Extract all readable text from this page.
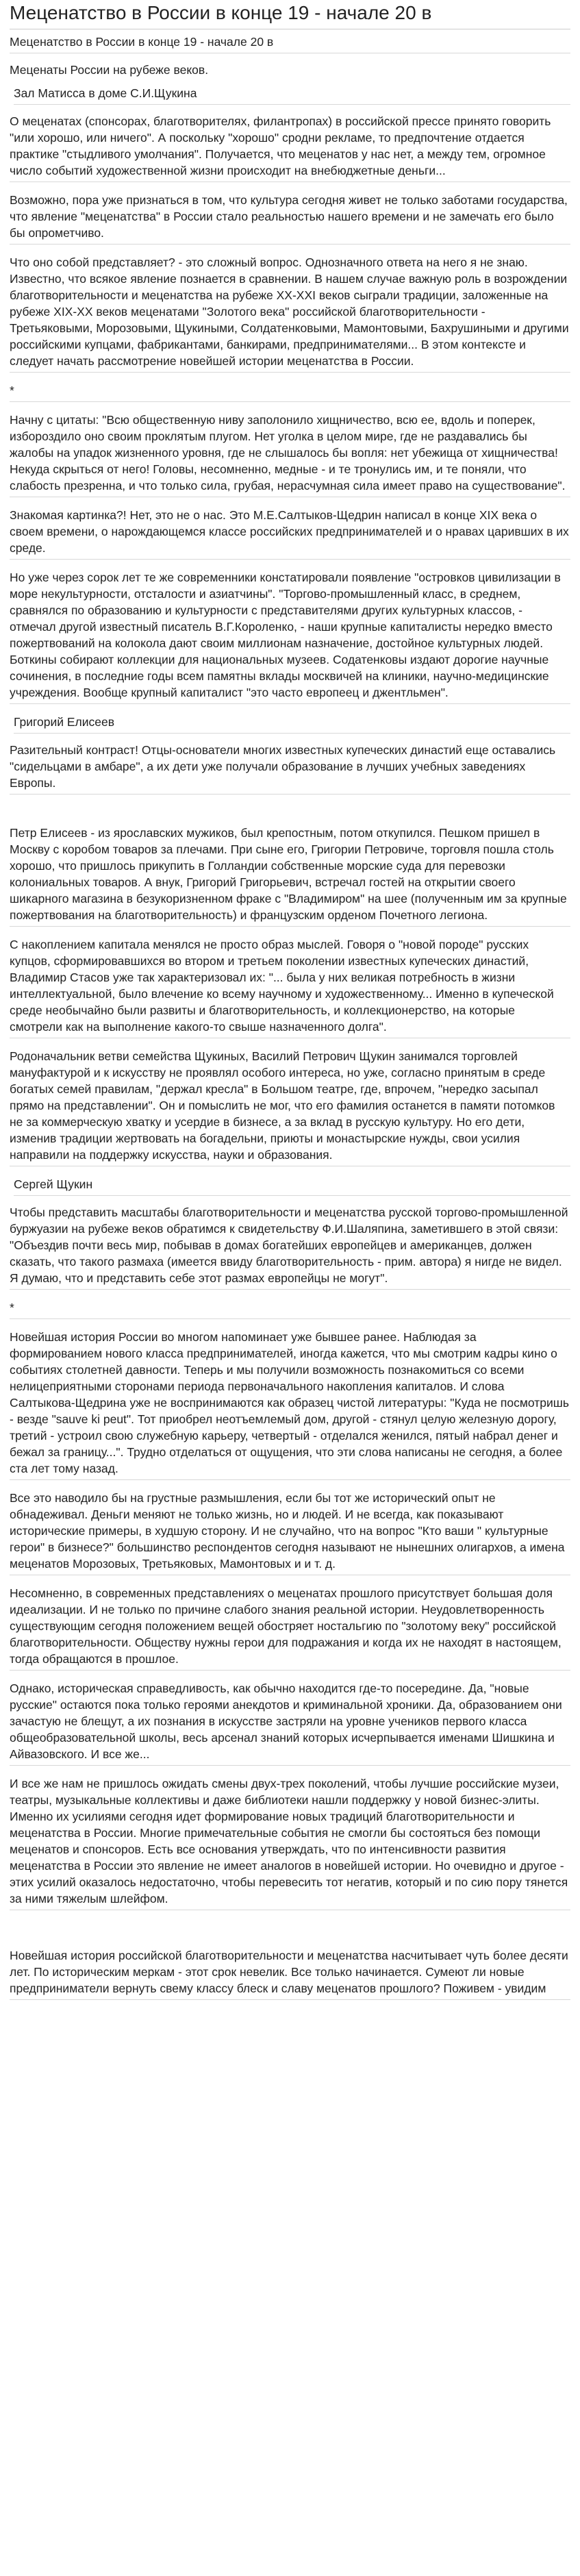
Меценатство в России в конце 19 - начале 20 в
Меценатство в России в конце 19 - начале 20 в
Меценаты России на рубеже веков.
Зал Матисса в доме С.И.Щукина

О меценатах (спонсорах, благотворителях, филантропах) в российской прессе принято говорить "или хорошо, или ничего". А поскольку "хорошо" сродни рекламе, то предпочтение отдается практике "стыдливого умолчания". Получается, что меценатов у нас нет, а между тем, огромное число событий художественной жизни происходит на внебюджетные деньги...

Возможно, пора уже признаться в том, что культура сегодня живет не только заботами государства, что явление "меценатства" в России стало реальностью нашего времени и не замечать его было бы опрометчиво.

Что оно собой представляет? - это сложный вопрос. Однозначного ответа на него я не знаю. Известно, что всякое явление познается в сравнении. В нашем случае важную роль в возрождении благотворительности и меценатства на рубеже XX-XXI веков сыграли традиции, заложенные на рубеже XIX-XX веков меценатами "Золотого века" российской благотворительности - Третьяковыми, Морозовыми, Щукиными, Солдатенковыми, Мамонтовыми, Бахрушиными и другими российскими купцами, фабрикантами, банкирами, предпринимателями... В этом контексте и следует начать рассмотрение новейшей истории меценатства в России.

*

Начну с цитаты: "Всю общественную ниву заполонило хищничество, всю ее, вдоль и поперек, избороздило оно своим проклятым плугом. Нет уголка в целом мире, где не раздавались бы жалобы на упадок жизненного уровня, где не слышалось бы вопля: нет убежища от хищничества! Некуда скрыться от него! Головы, несомненно, медные - и те тронулись им, и те поняли, что слабость презренна, и что только сила, грубая, нерасчумная сила имеет право на существование".

Знакомая картинка?! Нет, это не о нас. Это М.Е.Салтыков-Щедрин написал в конце XIX века о своем времени, о нарождающемся классе российских предпринимателей и о нравах царивших в их среде.

Но уже через сорок лет те же современники констатировали появление "островков цивилизации в море некультурности, отсталости и азиатчины". "Торгово-промышленный класс, в среднем, сравнялся по образованию и культурности с представителями других культурных классов, - отмечал другой известный писатель В.Г.Короленко, - наши крупные капиталисты нередко вместо пожертвований на колокола дают своим миллионам назначение, достойное культурных людей. Боткины собирают коллекции для национальных музеев. Содатенковы издают дорогие научные сочинения, в последние годы всем памятны вклады москвичей на клиники, научно-медицинские учреждения. Вообще крупный капиталист "это часто европеец и джентльмен".

Григорий Елисеев

Разительный контраст! Отцы-основатели многих известных купеческих династий еще оставались "сидельцами в амбаре", а их дети уже получали образование в лучших учебных заведениях Европы.

Петр Елисеев - из ярославских мужиков, был крепостным, потом откупился. Пешком пришел в Москву с коробом товаров за плечами. При сыне его, Григории Петровиче, торговля пошла столь хорошо, что пришлось прикупить в Голландии собственные морские суда для перевозки колониальных товаров. А внук, Григорий Григорьевич, встречал гостей на открытии своего шикарного магазина в безукоризненном фраке с "Владимиром" на шее (полученным им за крупные пожертвования на благотворительность) и французским орденом Почетного легиона.

С накоплением капитала менялся не просто образ мыслей. Говоря о "новой породе" русских купцов, сформировавшихся во втором и третьем поколении известных купеческих династий, Владимир Стасов уже так характеризовал их: "... была у них великая потребность в жизни интеллектуальной, было влечение ко всему научному и художественному... Именно в купеческой среде необычайно были развиты и благотворительность, и коллекционерство, на которые смотрели как на выполнение какого-то свыше назначенного долга".

Родоначальник ветви семейства Щукиных, Василий Петрович Щукин занимался торговлей мануфактурой и к искусству не проявлял особого интереса, но уже, согласно принятым в среде богатых семей правилам, "держал кресла" в Большом театре, где, впрочем, "нередко засыпал прямо на представлении". Он и помыслить не мог, что его фамилия останется в памяти потомков не за коммерческую хватку и усердие в бизнесе, а за вклад в русскую культуру. Но его дети, изменив традиции жертвовать на богадельни, приюты и монастырские нужды, свои усилия направили на поддержку искусства, науки и образования.

Сергей Щукин

Чтобы представить масштабы благотворительности и меценатства русской торгово-промышленной буржуазии на рубеже веков обратимся к свидетельству Ф.И.Шаляпина, заметившего в этой связи: "Объездив почти весь мир, побывав в домах богатейших европейцев и американцев, должен сказать, что такого размаха (имеется ввиду благотворительность - прим. автора) я нигде не видел. Я думаю, что и представить себе этот размах европейцы не могут".

*

Новейшая история России во многом напоминает уже бывшее ранее. Наблюдая за формированием нового класса предпринимателей, иногда кажется, что мы смотрим кадры кино о событиях столетней давности. Теперь и мы получили возможность познакомиться со всеми нелицеприятными сторонами периода первоначального накопления капиталов. И слова Салтыкова-Щедрина уже не воспринимаются как образец чистой литературы: "Куда не посмотришь - везде "sauve ki peut". Тот приобрел неотъемлемый дом, другой - стянул целую железную дорогу, третий - устроил свою служебную карьеру, четвертый - отделался женился, пятый набрал денег и бежал за границу...". Трудно отделаться от ощущения, что эти слова написаны не сегодня, а более ста лет тому назад.

Все это наводило бы на грустные размышления, если бы тот же исторический опыт не обнадеживал. Деньги меняют не только жизнь, но и людей. И не всегда, как показывают исторические примеры, в худшую сторону. И не случайно, что на вопрос "Кто ваши " культурные герои" в бизнесе?" большинство респондентов сегодня называют не нынешних олигархов, а имена меценатов Морозовых, Третьяковых, Мамонтовых и и т. д.

Несомненно, в современных представлениях о меценатах прошлого присутствует большая доля идеализации. И не только по причине слабого знания реальной истории. Неудовлетворенность существующим сегодня положением вещей обостряет ностальгию по "золотому веку" российской благотворительности. Обществу нужны герои для подражания и когда их не находят в настоящем, тогда обращаются в прошлое.

Однако, историческая справедливость, как обычно находится где-то посередине. Да, "новые русские" остаются пока только героями анекдотов и криминальной хроники. Да, образованием они зачастую не блещут, а их познания в искусстве застряли на уровне учеников первого класса общеобразовательной школы, весь арсенал знаний которых исчерпывается именами Шишкина и Айвазовского. И все же...

И все же нам не пришлось ожидать смены двух-трех поколений, чтобы лучшие российские музеи, театры, музыкальные коллективы и даже библиотеки нашли поддержку у новой бизнес-элиты. Именно их усилиями сегодня идет формирование новых традиций благотворительности и меценатства в России. Многие примечательные события не смогли бы состояться без помощи меценатов и спонсоров. Есть все основания утверждать, что по интенсивности развития меценатства в России это явление не имеет аналогов в новейшей истории. Но очевидно и другое - этих усилий оказалось недостаточно, чтобы перевесить тот негатив, который и по сию пору тянется за ними тяжелым шлейфом.

Новейшая история российской благотворительности и меценатства насчитывает чуть более десяти лет. По историческим меркам - этот срок невелик. Все только начинается. Сумеют ли новые предприниматели вернуть свему классу блеск и славу меценатов прошлого? Поживем - увидим
